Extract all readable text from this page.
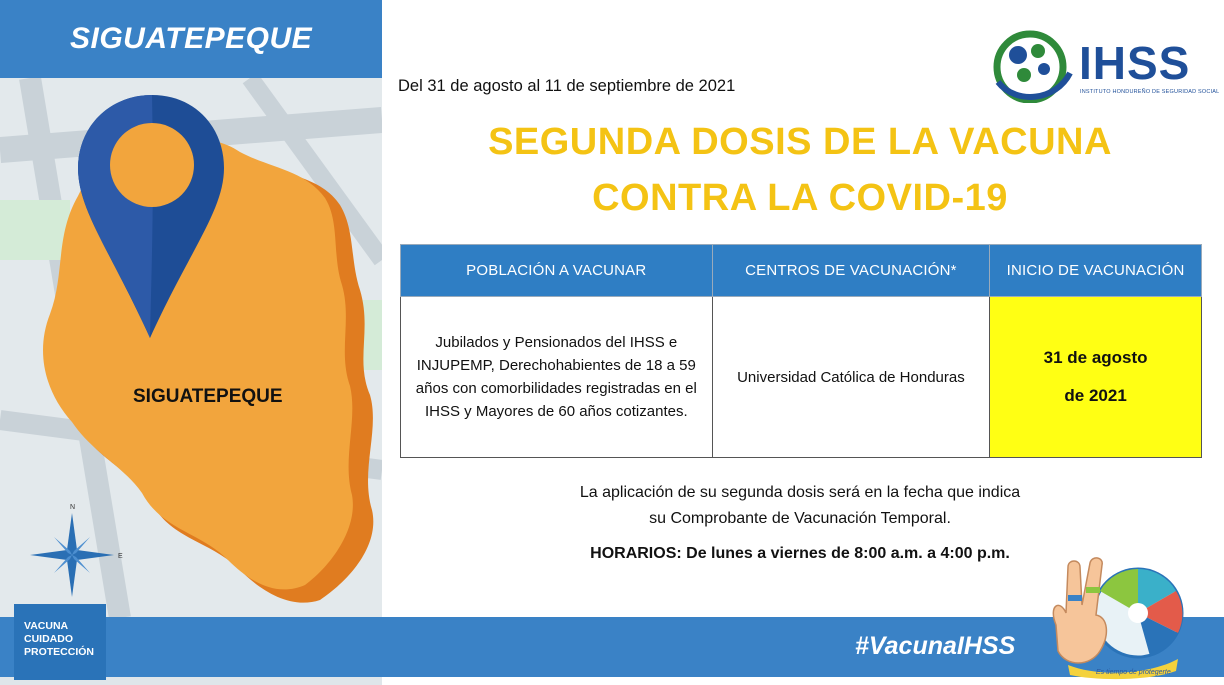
N
E
SIGUATEPEQUE
SIGUATEPEQUE
Del 31 de agosto al 11 de septiembre de 2021	IHSS
INSTITUTO HONDUREÑO DE SEGURIDAD SOCIAL
SEGUNDA DOSIS DE LA VACUNA
CONTRA LA COVID-19
POBLACIÓN A VACUNAR	CENTROS DE VACUNACIÓN*	INICIO DE VACUNACIÓN
Jubilados y Pensionados del IHSS e INJUPEMP, Derechohabientes de 18 a 59 años con comorbilidades registradas en el IHSS y Mayores de 60 años cotizantes.	Universidad Católica de Honduras	31 de agosto
de 2021
La aplicación de su segunda dosis será en la fecha que indica
su Comprobante de Vacunación Temporal.
HORARIOS: De lunes a viernes de 8:00 a.m. a 4:00 p.m.
#VacunaIHSS
VACUNA
CUIDADO
PROTECCIÓN
Es tiempo de protegerte
